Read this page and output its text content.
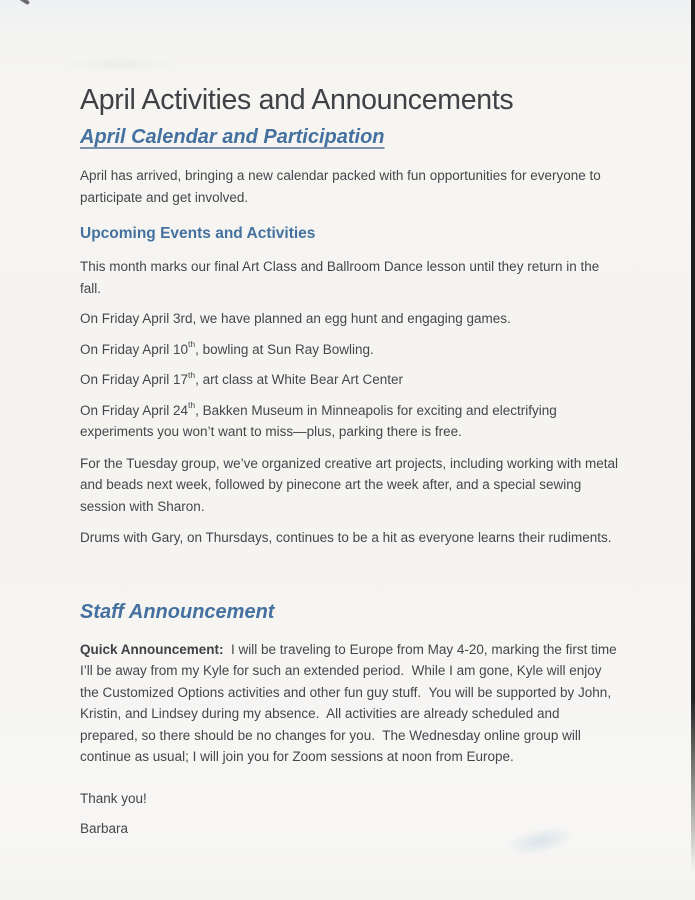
April Activities and Announcements
April Calendar and Participation

April has arrived, bringing a new calendar packed with fun opportunities for everyone to participate and get involved.

Upcoming Events and Activities

This month marks our final Art Class and Ballroom Dance lesson until they return in the fall.

On Friday April 3rd, we have planned an egg hunt and engaging games.

On Friday April 10th, bowling at Sun Ray Bowling.

On Friday April 17th, art class at White Bear Art Center

On Friday April 24th, Bakken Museum in Minneapolis for exciting and electrifying experiments you won’t want to miss—plus, parking there is free.

For the Tuesday group, we’ve organized creative art projects, including working with metal and beads next week, followed by pinecone art the week after, and a special sewing session with Sharon.

Drums with Gary, on Thursdays, continues to be a hit as everyone learns their rudiments.

Staff Announcement

Quick Announcement:  I will be traveling to Europe from May 4-20, marking the first time I’ll be away from my Kyle for such an extended period.  While I am gone, Kyle will enjoy the Customized Options activities and other fun guy stuff.  You will be supported by John, Kristin, and Lindsey during my absence.  All activities are already scheduled and prepared, so there should be no changes for you.  The Wednesday online group will continue as usual; I will join you for Zoom sessions at noon from Europe.

Thank you!

Barbara
